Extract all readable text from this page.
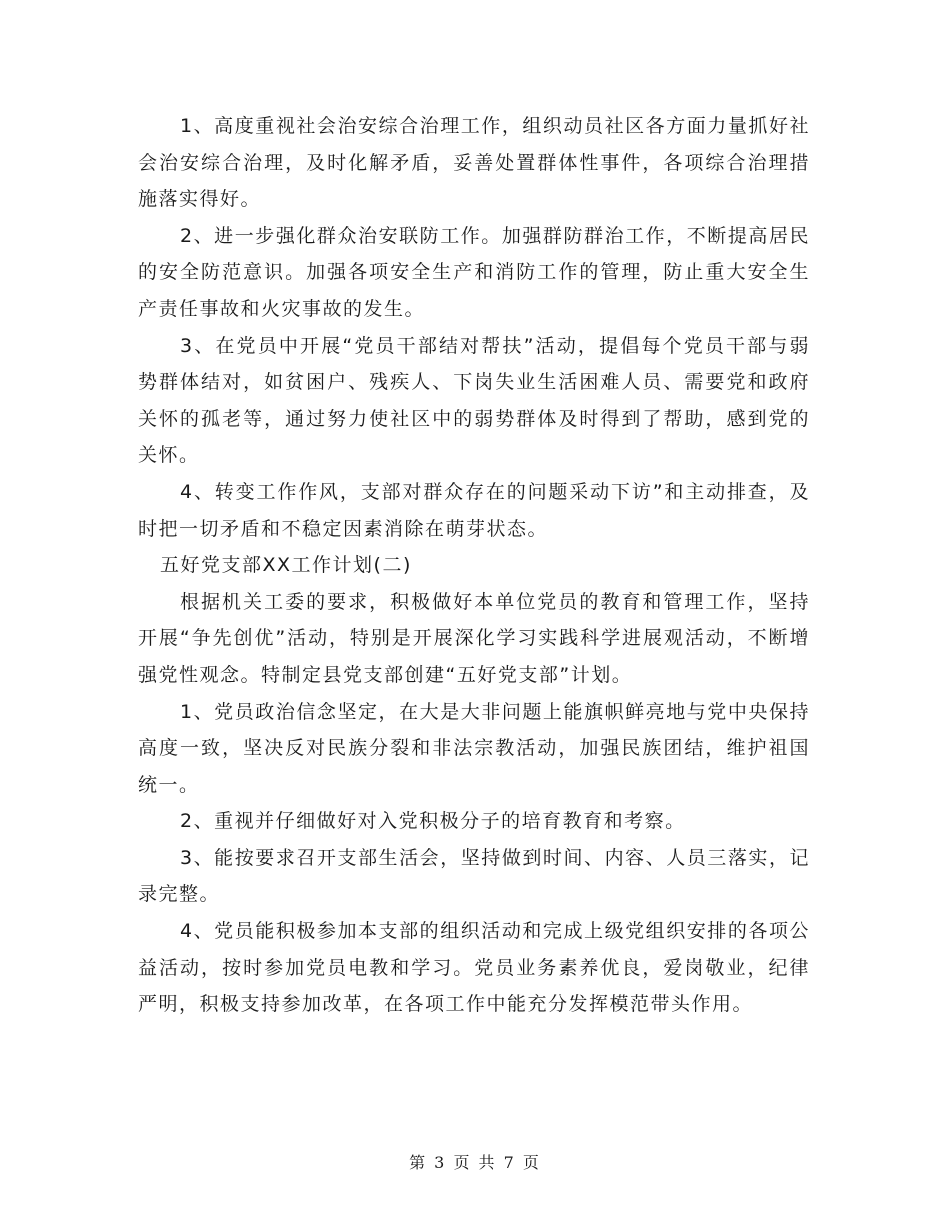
1、高度重视社会治安综合治理工作，组织动员社区各方面力量抓好社会治安综合治理，及时化解矛盾，妥善处置群体性事件，各项综合治理措施落实得好。

2、进一步强化群众治安联防工作。加强群防群治工作，不断提高居民的安全防范意识。加强各项安全生产和消防工作的管理，防止重大安全生产责任事故和火灾事故的发生。

3、在党员中开展“党员干部结对帮扶”活动，提倡每个党员干部与弱势群体结对，如贫困户、残疾人、下岗失业生活困难人员、需要党和政府关怀的孤老等，通过努力使社区中的弱势群体及时得到了帮助，感到党的关怀。

4、转变工作作风，支部对群众存在的问题采动下访”和主动排查，及时把一切矛盾和不稳定因素消除在萌芽状态。

五好党支部XX工作计划(二)

根据机关工委的要求，积极做好本单位党员的教育和管理工作，坚持开展“争先创优”活动，特别是开展深化学习实践科学进展观活动，不断增强党性观念。特制定县党支部创建“五好党支部”计划。

1、党员政治信念坚定，在大是大非问题上能旗帜鲜亮地与党中央保持高度一致，坚决反对民族分裂和非法宗教活动，加强民族团结，维护祖国统一。

2、重视并仔细做好对入党积极分子的培育教育和考察。

3、能按要求召开支部生活会，坚持做到时间、内容、人员三落实，记录完整。

4、党员能积极参加本支部的组织活动和完成上级党组织安排的各项公益活动，按时参加党员电教和学习。党员业务素养优良，爱岗敬业，纪律严明，积极支持参加改革，在各项工作中能充分发挥模范带头作用。

第 3 页 共 7 页
